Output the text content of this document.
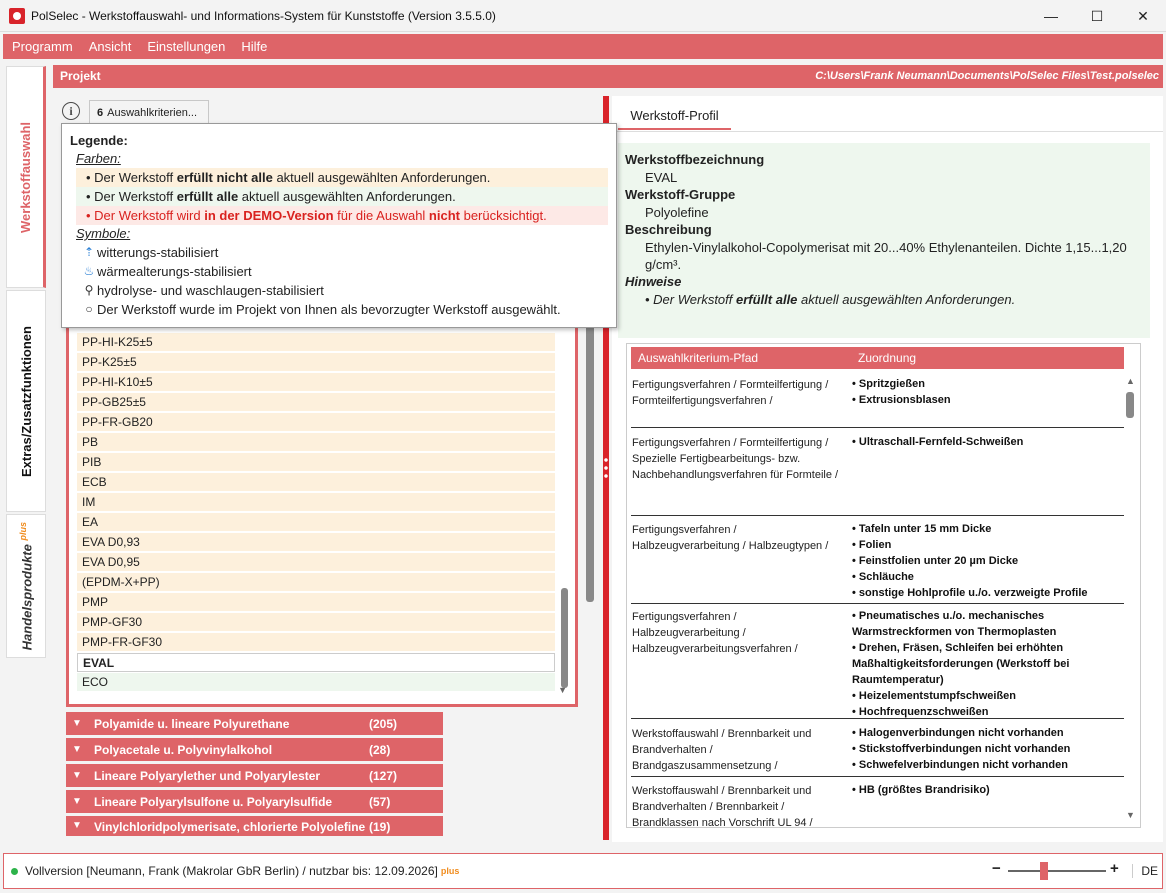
PolSelec - Werkstoffauswahl- und Informations-System für Kunststoffe (Version 3.5.5.0)	—	☐	✕
Programm	Ansicht	Einstellungen	Hilfe
Werkstoffauswahl
Extras/Zusatzfunktionen
Handelsprodukte $^{plus}$
Projekt	C:\Users\Frank Neumann\Documents\PolSelec Files\Test.polselec
i	6 Auswahlkriterien...
Legende:
Farben:
• Der Werkstoff erfüllt nicht alle aktuell ausgewählten Anforderungen.
• Der Werkstoff erfüllt alle aktuell ausgewählten Anforderungen.
• Der Werkstoff wird in der DEMO-Version für die Auswahl nicht berücksichtigt.
Symbole:
⇡ witterungs-stabilisiert
♨ wärmealterungs-stabilisiert
⚲ hydrolyse- und waschlaugen-stabilisiert
○ Der Werkstoff wurde im Projekt von Ihnen als bevorzugter Werkstoff ausgewählt.
PP-HI-K25±5
PP-K25±5
PP-HI-K10±5
PP-GB25±5
PP-FR-GB20
PB
PIB
ECB
IM
EA
EVA D0,93
EVA D0,95
(EPDM-X+PP)
PMP
PMP-GF30
PMP-FR-GF30
EVAL
ECO
▼
▼	Polyamide u. lineare Polyurethane	(205)
▼	Polyacetale u. Polyvinylalkohol	(28)
▼	Lineare Polyarylether und Polyarylester	(127)
▼	Lineare Polyarylsulfone u. Polyarylsulfide	(57)
▼	Vinylchloridpolymerisate, chlorierte Polyolefine (19)
Werkstoff-Profil
Werkstoffbezeichnung
EVAL
Werkstoff-Gruppe
Polyolefine
Beschreibung
Ethylen-Vinylalkohol-Copolymerisat mit 20...40% Ethylenanteilen. Dichte 1,15...1,20 g/cm³.
Hinweise
• Der Werkstoff erfüllt alle aktuell ausgewählten Anforderungen.
Auswahlkriterium-Pfad	Zuordnung
Fertigungsverfahren / Formteilfertigung / Formteilfertigungsverfahren /
• Spritzgießen
• Extrusionsblasen
Fertigungsverfahren / Formteilfertigung / Spezielle Fertigbearbeitungs- bzw. Nachbehandlungsverfahren für Formteile /
• Ultraschall-Fernfeld-Schweißen
Fertigungsverfahren / Halbzeugverarbeitung / Halbzeugtypen /
• Tafeln unter 15 mm Dicke
• Folien
• Feinstfolien unter 20 µm Dicke
• Schläuche
• sonstige Hohlprofile u./o. verzweigte Profile
Fertigungsverfahren / Halbzeugverarbeitung / Halbzeugverarbeitungsverfahren /
• Pneumatisches u./o. mechanisches Warmstreckformen von Thermoplasten
• Drehen, Fräsen, Schleifen bei erhöhten Maßhaltigkeitsforderungen (Werkstoff bei Raumtemperatur)
• Heizelementstumpfschweißen
• Hochfrequenzschweißen
Werkstoffauswahl / Brennbarkeit und Brandverhalten / Brandgaszusammensetzung /
• Halogenverbindungen nicht vorhanden
• Stickstoffverbindungen nicht vorhanden
• Schwefelverbindungen nicht vorhanden
Werkstoffauswahl / Brennbarkeit und Brandverhalten / Brennbarkeit / Brandklassen nach Vorschrift UL 94 /
• HB (größtes Brandrisiko)
▲
▼
Vollversion [Neumann, Frank (Makrolar GbR Berlin) / nutzbar bis: 12.09.2026] plus	−	+	DE
